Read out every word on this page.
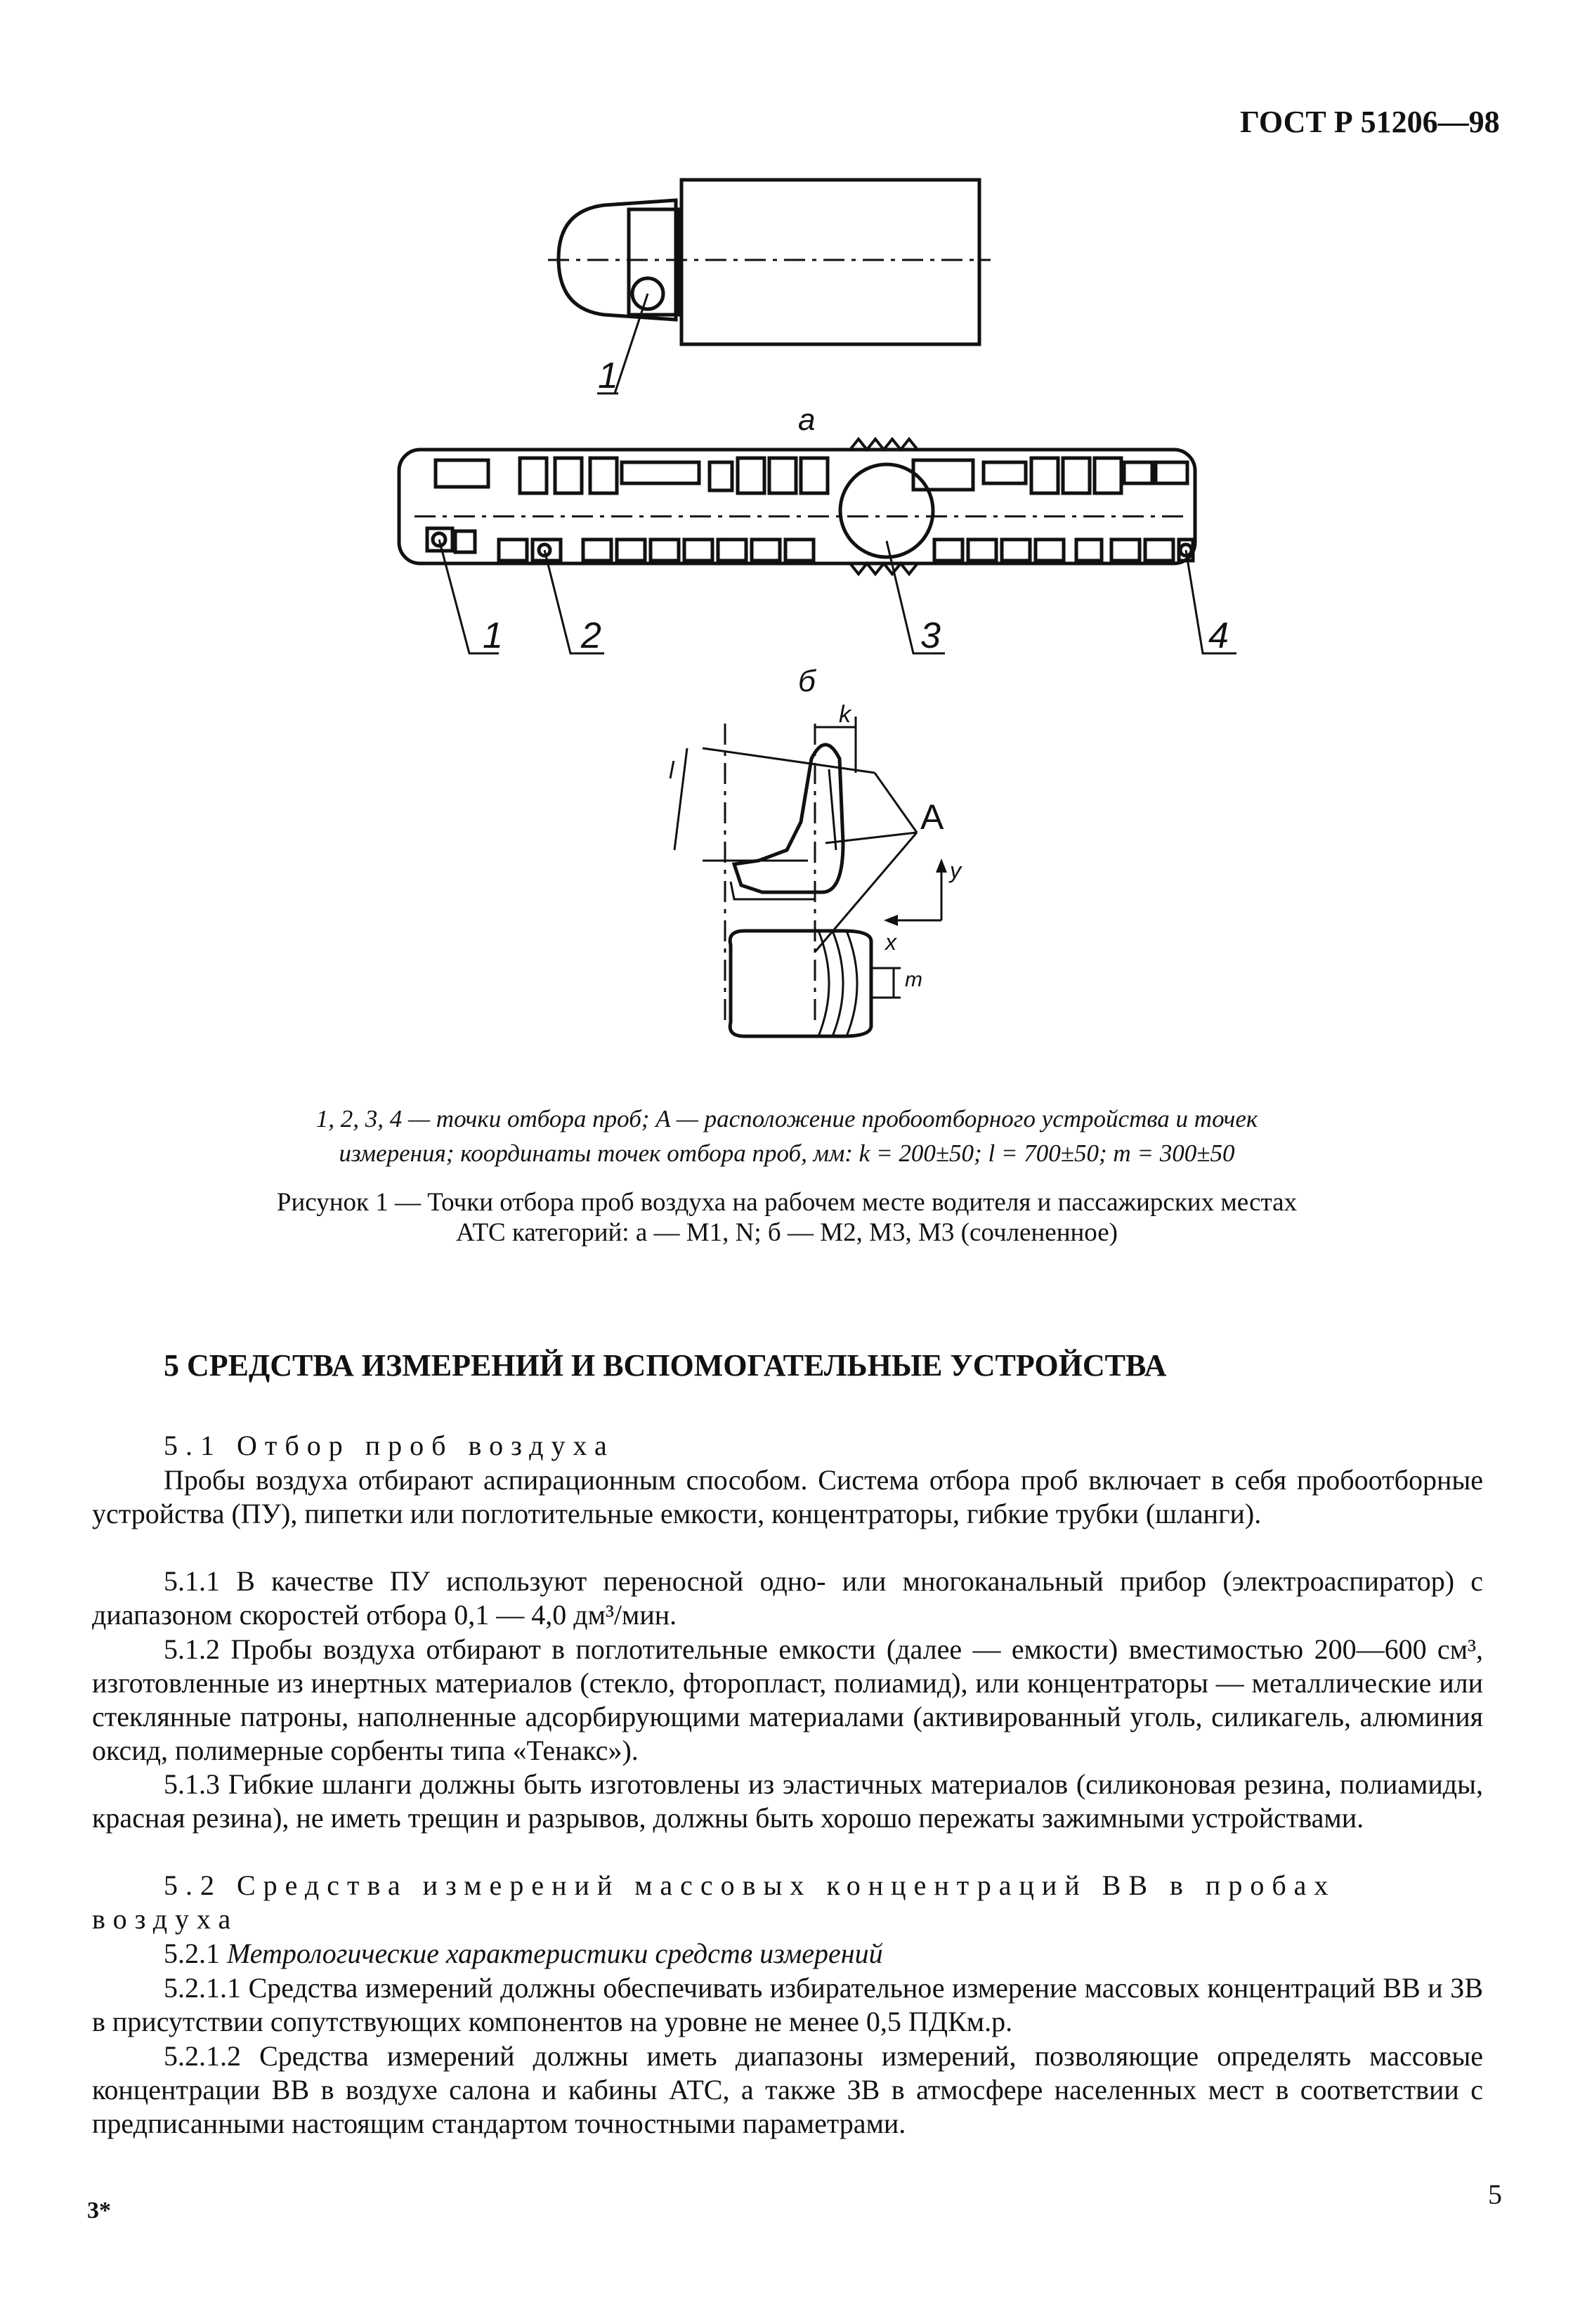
ГОСТ Р 51206—98
а
б
1
1 2	3	4
A
k
l
m
y
x
1, 2, 3, 4 — точки отбора проб; A — расположение пробоотборного устройства и точек
измерения; координаты точек отбора проб, мм: k = 200±50; l = 700±50; m = 300±50
Рисунок 1 — Точки отбора проб воздуха на рабочем месте водителя и пассажирских местах
АТС категорий: а — M1, N; б — M2, M3, M3 (сочлененное)
5 СРЕДСТВА ИЗМЕРЕНИЙ И ВСПОМОГАТЕЛЬНЫЕ УСТРОЙСТВА
5.1 Отбор проб воздуха
Пробы воздуха отбирают аспирационным способом. Система отбора проб включает в себя пробоотборные устройства (ПУ), пипетки или поглотительные емкости, концентраторы, гибкие трубки (шланги).
5.1.1 В качестве ПУ используют переносной одно- или многоканальный прибор (электроаспиратор) с диапазоном скоростей отбора 0,1 — 4,0 дм³/мин.
5.1.2 Пробы воздуха отбирают в поглотительные емкости (далее — емкости) вместимостью 200—600 см³, изготовленные из инертных материалов (стекло, фторопласт, полиамид), или концентраторы — металлические или стеклянные патроны, наполненные адсорбирующими материалами (активированный уголь, силикагель, алюминия оксид, полимерные сорбенты типа «Тенакс»).
5.1.3 Гибкие шланги должны быть изготовлены из эластичных материалов (силиконовая резина, полиамиды, красная резина), не иметь трещин и разрывов, должны быть хорошо пережаты зажимными устройствами.
5.2 Средства измерений массовых концентраций ВВ в пробах воздуха
5.2.1 Метрологические характеристики средств измерений
5.2.1.1 Средства измерений должны обеспечивать избирательное измерение массовых концентраций ВВ и ЗВ в присутствии сопутствующих компонентов на уровне не менее 0,5 ПДКм.р.
5.2.1.2 Средства измерений должны иметь диапазоны измерений, позволяющие определять массовые концентрации ВВ в воздухе салона и кабины АТС, а также ЗВ в атмосфере населенных мест в соответствии с предписанными настоящим стандартом точностными параметрами.
3*
5
